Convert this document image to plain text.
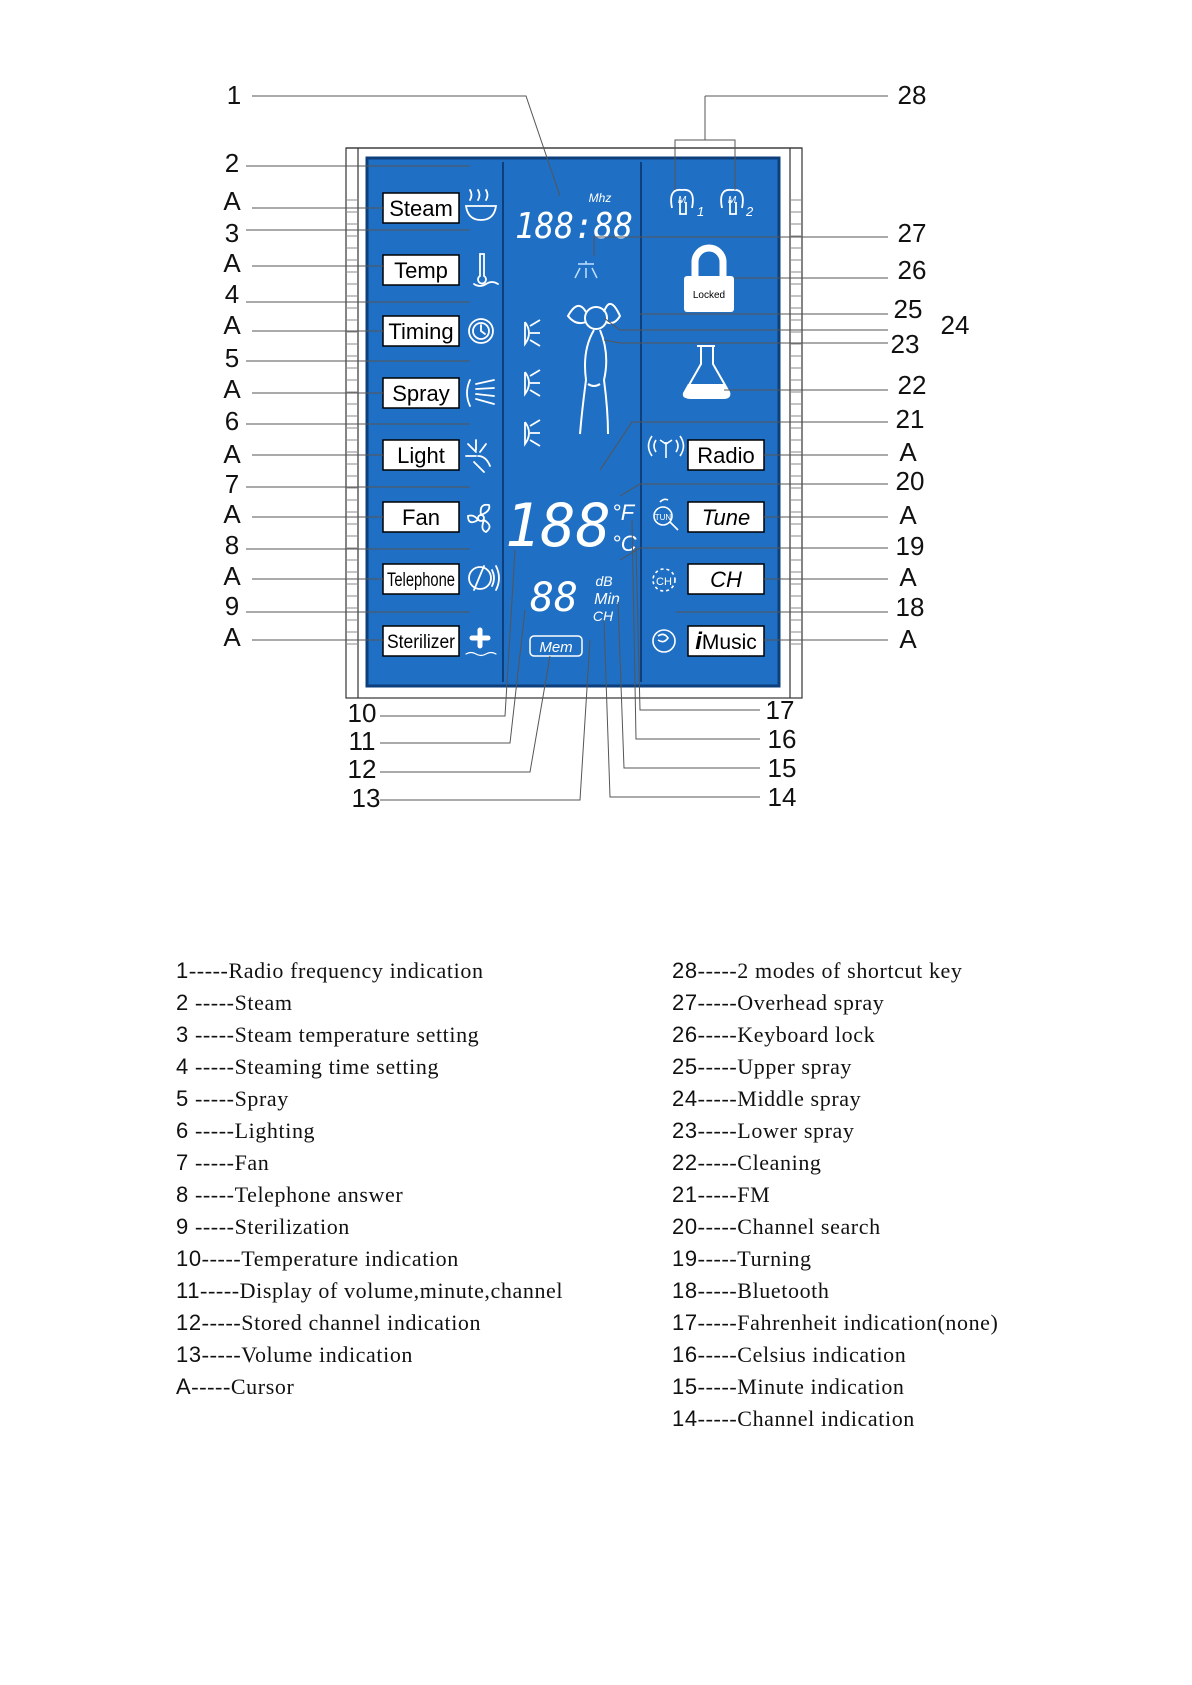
Steam
Temp
Timing
Spray
Light
Fan
Telephone
Sterilizer
Mhz
188:88
188 °F
°C
88 dB
Min
CH
Mem
M
1
M
2
Locked
Radio
TUN Tune
CH CH
iMusic
1
2
A
3
A
4
A
5
A
6
A
7
A
8
A
9
A
28
27
26
25
24
23
22
21
A
20
A
19
A
18
A
10
11
12
13
17
16
15
14
1-----Radio frequency indication
2 -----Steam
3 -----Steam temperature setting
4 -----Steaming time setting
5 -----Spray
6 -----Lighting
7 -----Fan
8 -----Telephone answer
9 -----Sterilization
10-----Temperature indication
11-----Display of volume,minute,channel
12-----Stored channel indication
13-----Volume indication
A-----Cursor
28-----2 modes of shortcut key
27-----Overhead spray
26-----Keyboard lock
25-----Upper spray
24-----Middle spray
23-----Lower spray
22-----Cleaning
21-----FM
20-----Channel search
19-----Turning
18-----Bluetooth
17-----Fahrenheit indication(none)
16-----Celsius indication
15-----Minute indication
14-----Channel indication
